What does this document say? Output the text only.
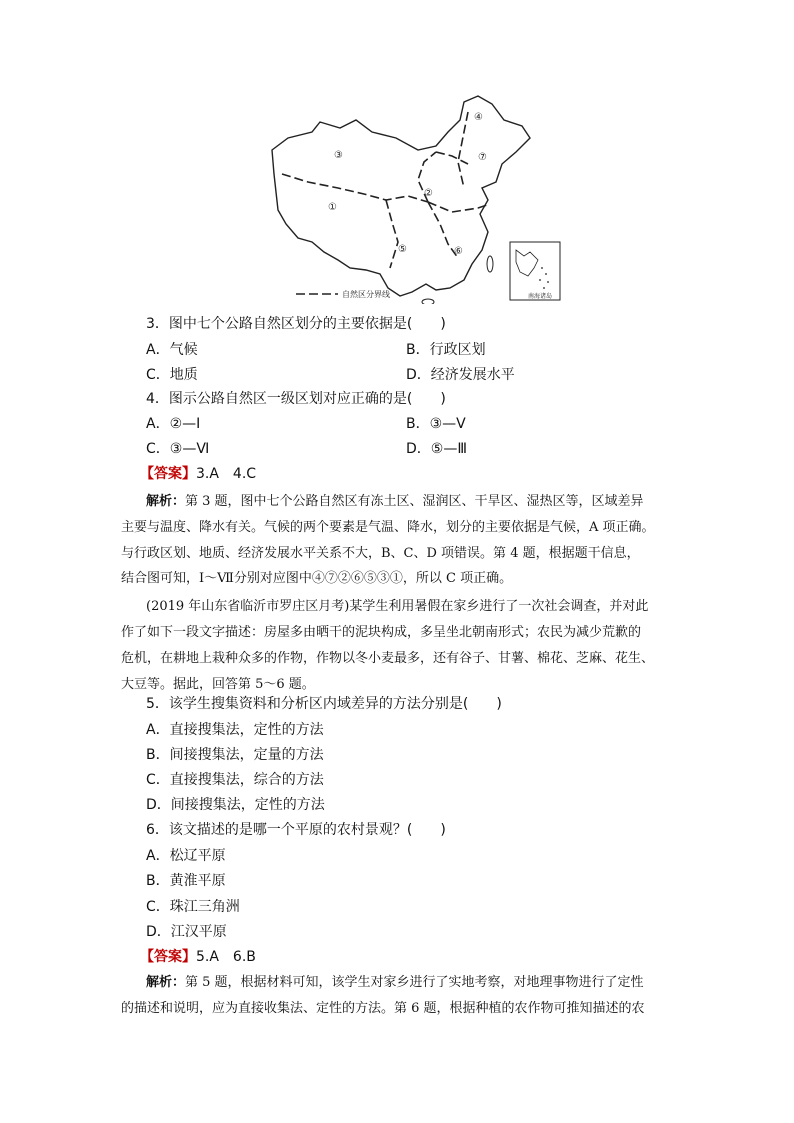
①
②
③
④
⑤	⑥
⑦
自然区分界线	南海诸岛
3．图中七个公路自然区划分的主要依据是(　　)
A．气候	B．行政区划
C．地质	D．经济发展水平
4．图示公路自然区一级区划对应正确的是(　　)
A．②—Ⅰ	B．③—Ⅴ
C．③—Ⅵ	D．⑤—Ⅲ
【答案】3.A　4.C
解析：第 3 题，图中七个公路自然区有冻土区、湿润区、干旱区、湿热区等，区域差异
主要与温度、降水有关。气候的两个要素是气温、降水，划分的主要依据是气候，A 项正确。
与行政区划、地质、经济发展水平关系不大，B、C、D 项错误。第 4 题，根据题干信息，
结合图可知，Ⅰ～Ⅶ分别对应图中④⑦②⑥⑤③①，所以 C 项正确。
(2019 年山东省临沂市罗庄区月考)某学生利用暑假在家乡进行了一次社会调查，并对此
作了如下一段文字描述：房屋多由晒干的泥块构成，多呈坐北朝南形式；农民为减少荒歉的
危机，在耕地上栽种众多的作物，作物以冬小麦最多，还有谷子、甘薯、棉花、芝麻、花生、
大豆等。据此，回答第 5～6 题。
5．该学生搜集资料和分析区内域差异的方法分别是(　　)
A．直接搜集法，定性的方法
B．间接搜集法，定量的方法
C．直接搜集法，综合的方法
D．间接搜集法，定性的方法
6．该文描述的是哪一个平原的农村景观？(　　)
A．松辽平原
B．黄淮平原
C．珠江三角洲
D．江汉平原
【答案】5.A　6.B
解析：第 5 题，根据材料可知，该学生对家乡进行了实地考察，对地理事物进行了定性
的描述和说明，应为直接收集法、定性的方法。第 6 题，根据种植的农作物可推知描述的农
